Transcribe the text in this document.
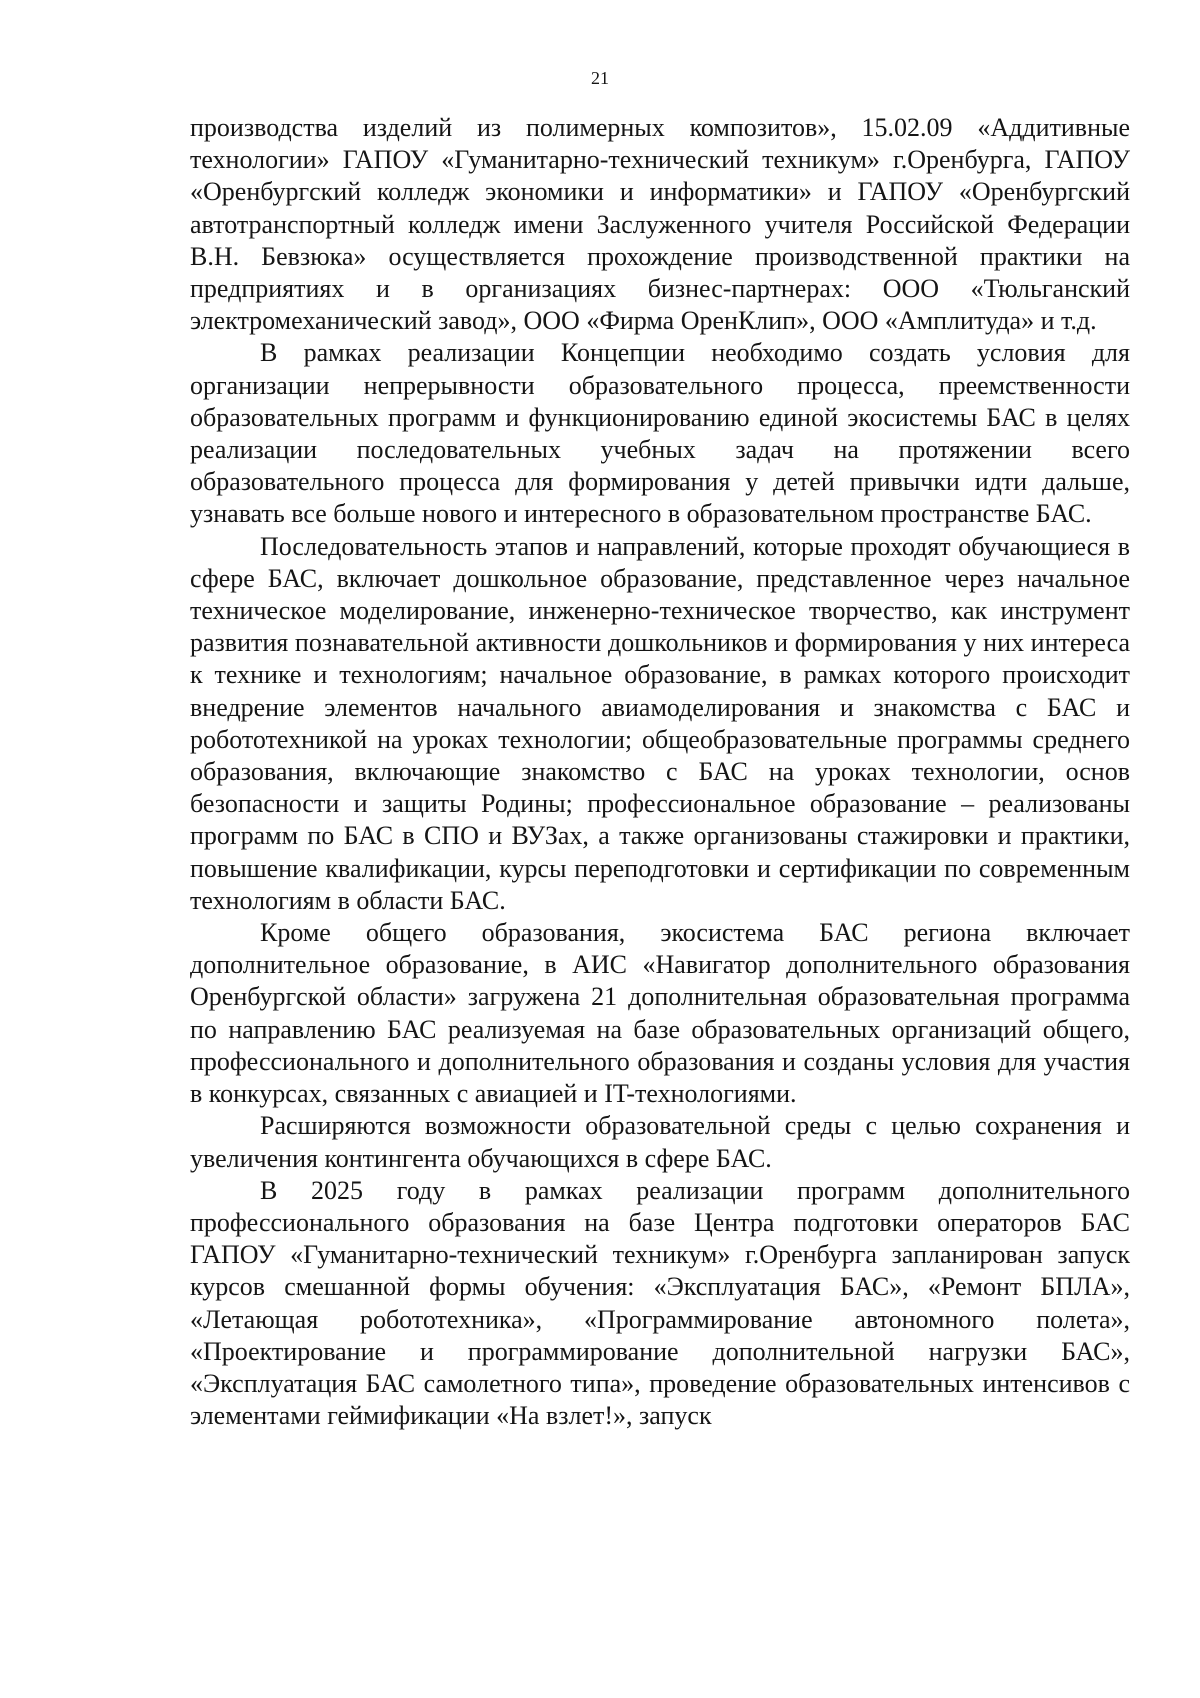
21

производства изделий из полимерных композитов», 15.02.09 «Аддитивные технологии» ГАПОУ «Гуманитарно-технический техникум» г.Оренбурга, ГАПОУ «Оренбургский колледж экономики и информатики» и ГАПОУ «Оренбургский автотранспортный колледж имени Заслуженного учителя Российской Федерации В.Н. Бевзюка» осуществляется прохождение производственной практики на предприятиях и в организациях бизнес-партнерах: ООО «Тюльганский электромеханический завод», ООО «Фирма ОренКлип», ООО «Амплитуда» и т.д.

В рамках реализации Концепции необходимо создать условия для организации непрерывности образовательного процесса, преемственности образовательных программ и функционированию единой экосистемы БАС в целях реализации последовательных учебных задач на протяжении всего образовательного процесса для формирования у детей привычки идти дальше, узнавать все больше нового и интересного в образовательном пространстве БАС.

Последовательность этапов и направлений, которые проходят обучающиеся в сфере БАС, включает дошкольное образование, представленное через начальное техническое моделирование, инженерно-техническое творчество, как инструмент развития познавательной активности дошкольников и формирования у них интереса к технике и технологиям; начальное образование, в рамках которого происходит внедрение элементов начального авиамоделирования и знакомства с БАС и робототехникой на уроках технологии; общеобразовательные программы среднего образования, включающие знакомство с БАС на уроках технологии, основ безопасности и защиты Родины; профессиональное образование – реализованы программ по БАС в СПО и ВУЗах, а также организованы стажировки и практики, повышение квалификации, курсы переподготовки и сертификации по современным технологиям в области БАС.

Кроме общего образования, экосистема БАС региона включает дополнительное образование, в АИС «Навигатор дополнительного образования Оренбургской области» загружена 21 дополнительная образовательная программа по направлению БАС реализуемая на базе образовательных организаций общего, профессионального и дополнительного образования и созданы условия для участия в конкурсах, связанных с авиацией и IT-технологиями.

Расширяются возможности образовательной среды с целью сохранения и увеличения контингента обучающихся в сфере БАС.

В 2025 году в рамках реализации программ дополнительного профессионального образования на базе Центра подготовки операторов БАС ГАПОУ «Гуманитарно-технический техникум» г.Оренбурга запланирован запуск курсов смешанной формы обучения: «Эксплуатация БАС», «Ремонт БПЛА», «Летающая робототехника», «Программирование автономного полета», «Проектирование и программирование дополнительной нагрузки БАС», «Эксплуатация БАС самолетного типа», проведение образовательных интенсивов с элементами геймификации «На взлет!», запуск
